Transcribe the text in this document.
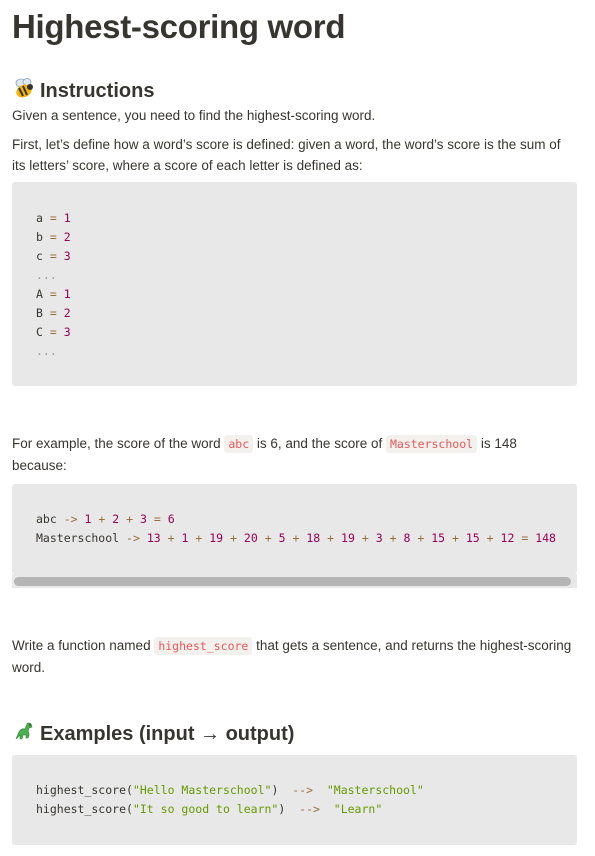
Highest-scoring word
Instructions

Given a sentence, you need to find the highest-scoring word.

First, let’s define how a word’s score is defined: given a word, the word’s score is the sum of its letters’ score, where a score of each letter is defined as:

a = 1
b = 2
c = 3
...
A = 1
B = 2
C = 3
...

For example, the score of the word abc is 6, and the score of Masterschool is 148 because:

abc -> 1 + 2 + 3 = 6
Masterschool -> 13 + 1 + 19 + 20 + 5 + 18 + 19 + 3 + 8 + 15 + 15 + 12 = 148

Write a function named highest_score that gets a sentence, and returns the highest-scoring word.

Examples (input → output)
highest_score("Hello Masterschool")  --> "Masterschool"
highest_score("It so good to learn")  --> "Learn"
